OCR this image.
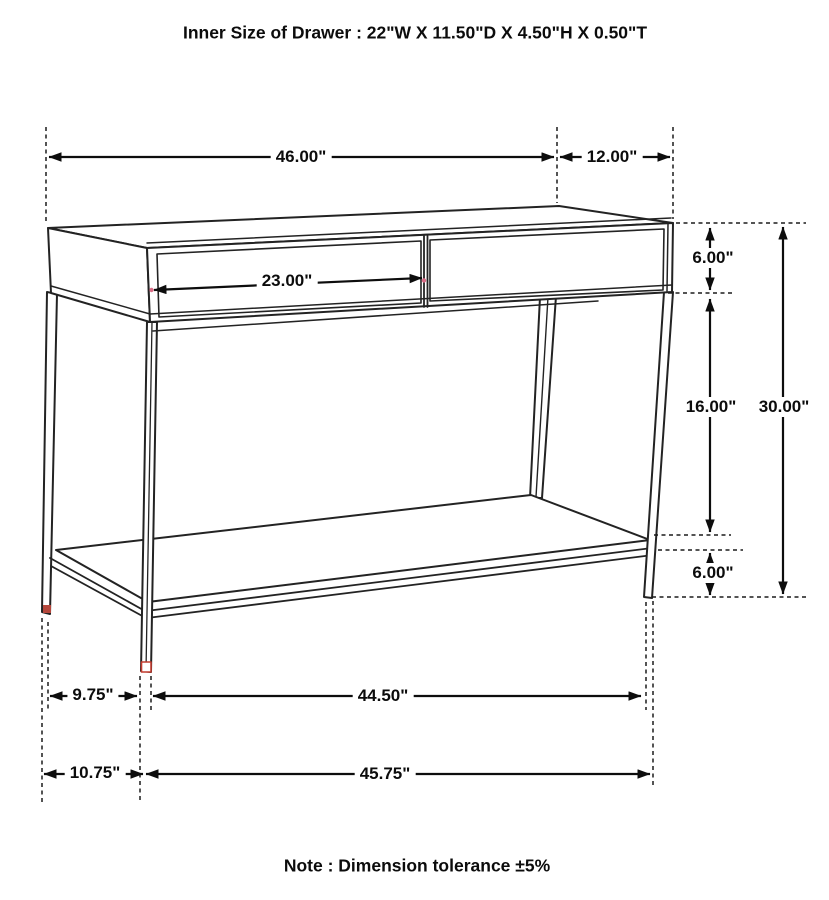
Inner Size of Drawer : 22"W X 11.50"D X 4.50"H X 0.50"T
46.00"	12.00"
23.00"
6.00"
16.00" 30.00"
6.00"
9.75"	44.50"
10.75"	45.75"
Note : Dimension tolerance ±5%
